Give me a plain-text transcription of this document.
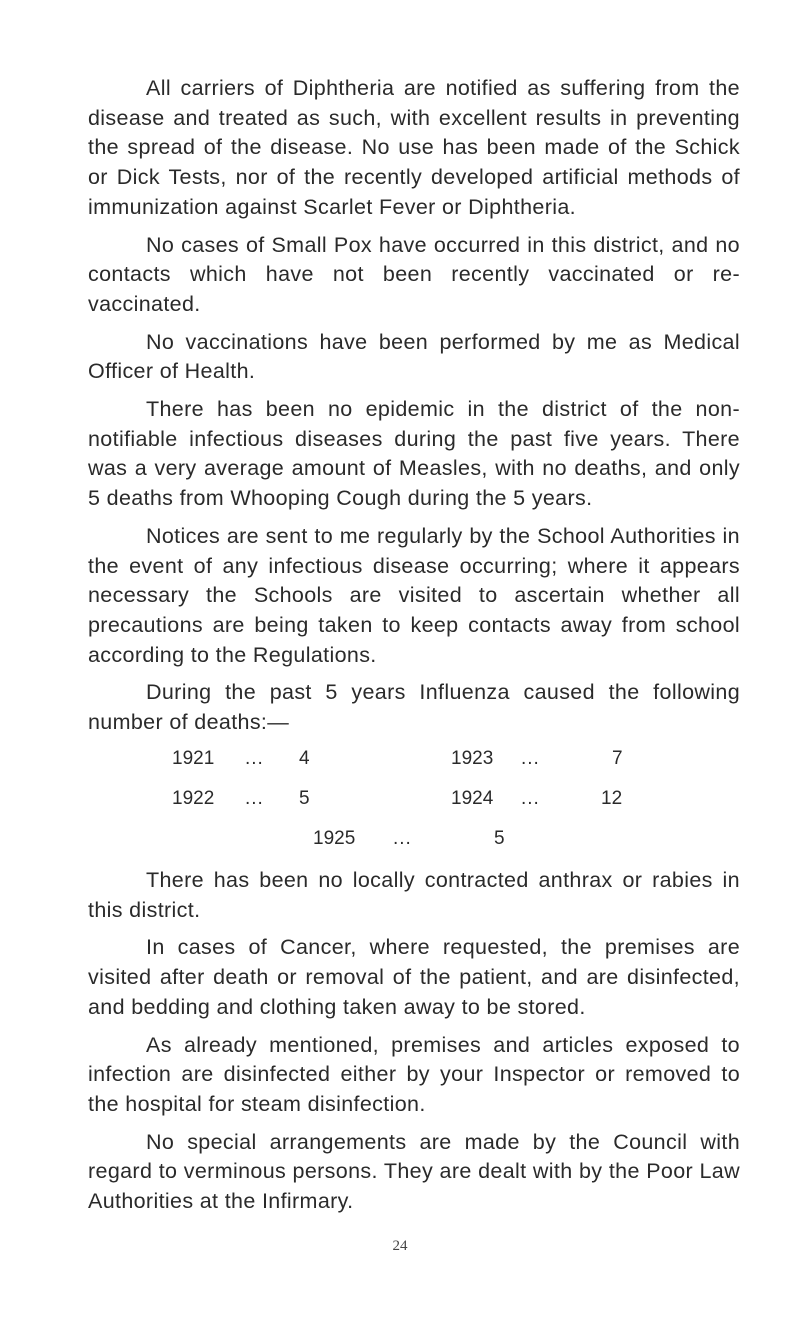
All carriers of Diphtheria are notified as suffering from the disease and treated as such, with excellent results in preventing the spread of the disease. No use has been made of the Schick or Dick Tests, nor of the recently developed artificial methods of immunization against Scarlet Fever or Diphtheria.

No cases of Small Pox have occurred in this district, and no contacts which have not been recently vaccinated or re-vaccinated.

No vaccinations have been performed by me as Medical Officer of Health.

There has been no epidemic in the district of the non-notifiable infectious diseases during the past five years. There was a very average amount of Measles, with no deaths, and only 5 deaths from Whooping Cough during the 5 years.

Notices are sent to me regularly by the School Authorities in the event of any infectious disease occurring; where it appears necessary the Schools are visited to ascertain whether all precautions are being taken to keep contacts away from school according to the Regulations.

During the past 5 years Influenza caused the following number of deaths:—

1921 ... 4	1923 ...	7
1922 ... 5	1924 ...	12
1925 ...	5

There has been no locally contracted anthrax or rabies in this district.

In cases of Cancer, where requested, the premises are visited after death or removal of the patient, and are disinfected, and bedding and clothing taken away to be stored.

As already mentioned, premises and articles exposed to infection are disinfected either by your Inspector or removed to the hospital for steam disinfection.

No special arrangements are made by the Council with regard to verminous persons. They are dealt with by the Poor Law Authorities at the Infirmary.

24
